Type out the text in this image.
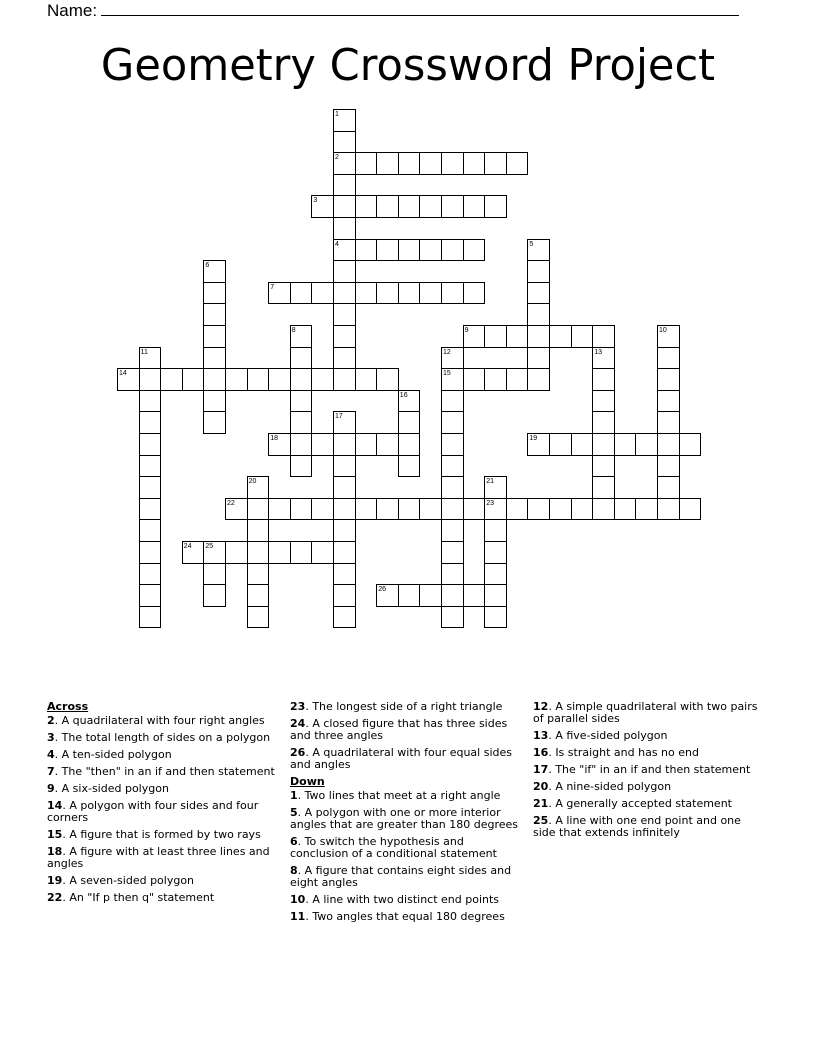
Name:
Geometry Crossword Project
1
2
3
4	5
6
7
8	9	10
11	12	13
14	15
16
17
18	19
20	21
22	23
24 25
26
Across
2. A quadrilateral with four right angles
3. The total length of sides on a polygon
4. A ten-sided polygon
7. The "then" in an if and then statement
9. A six-sided polygon
14. A polygon with four sides and four corners
15. A figure that is formed by two rays
18. A figure with at least three lines and angles
19. A seven-sided polygon
22. An "If p then q" statement
23. The longest side of a right triangle
24. A closed figure that has three sides and three angles
26. A quadrilateral with four equal sides and angles
Down
1. Two lines that meet at a right angle
5. A polygon with one or more interior angles that are greater than 180 degrees
6. To switch the hypothesis and conclusion of a conditional statement
8. A figure that contains eight sides and eight angles
10. A line with two distinct end points
11. Two angles that equal 180 degrees
12. A simple quadrilateral with two pairs of parallel sides
13. A five-sided polygon
16. Is straight and has no end
17. The "if" in an if and then statement
20. A nine-sided polygon
21. A generally accepted statement
25. A line with one end point and one side that extends infinitely
